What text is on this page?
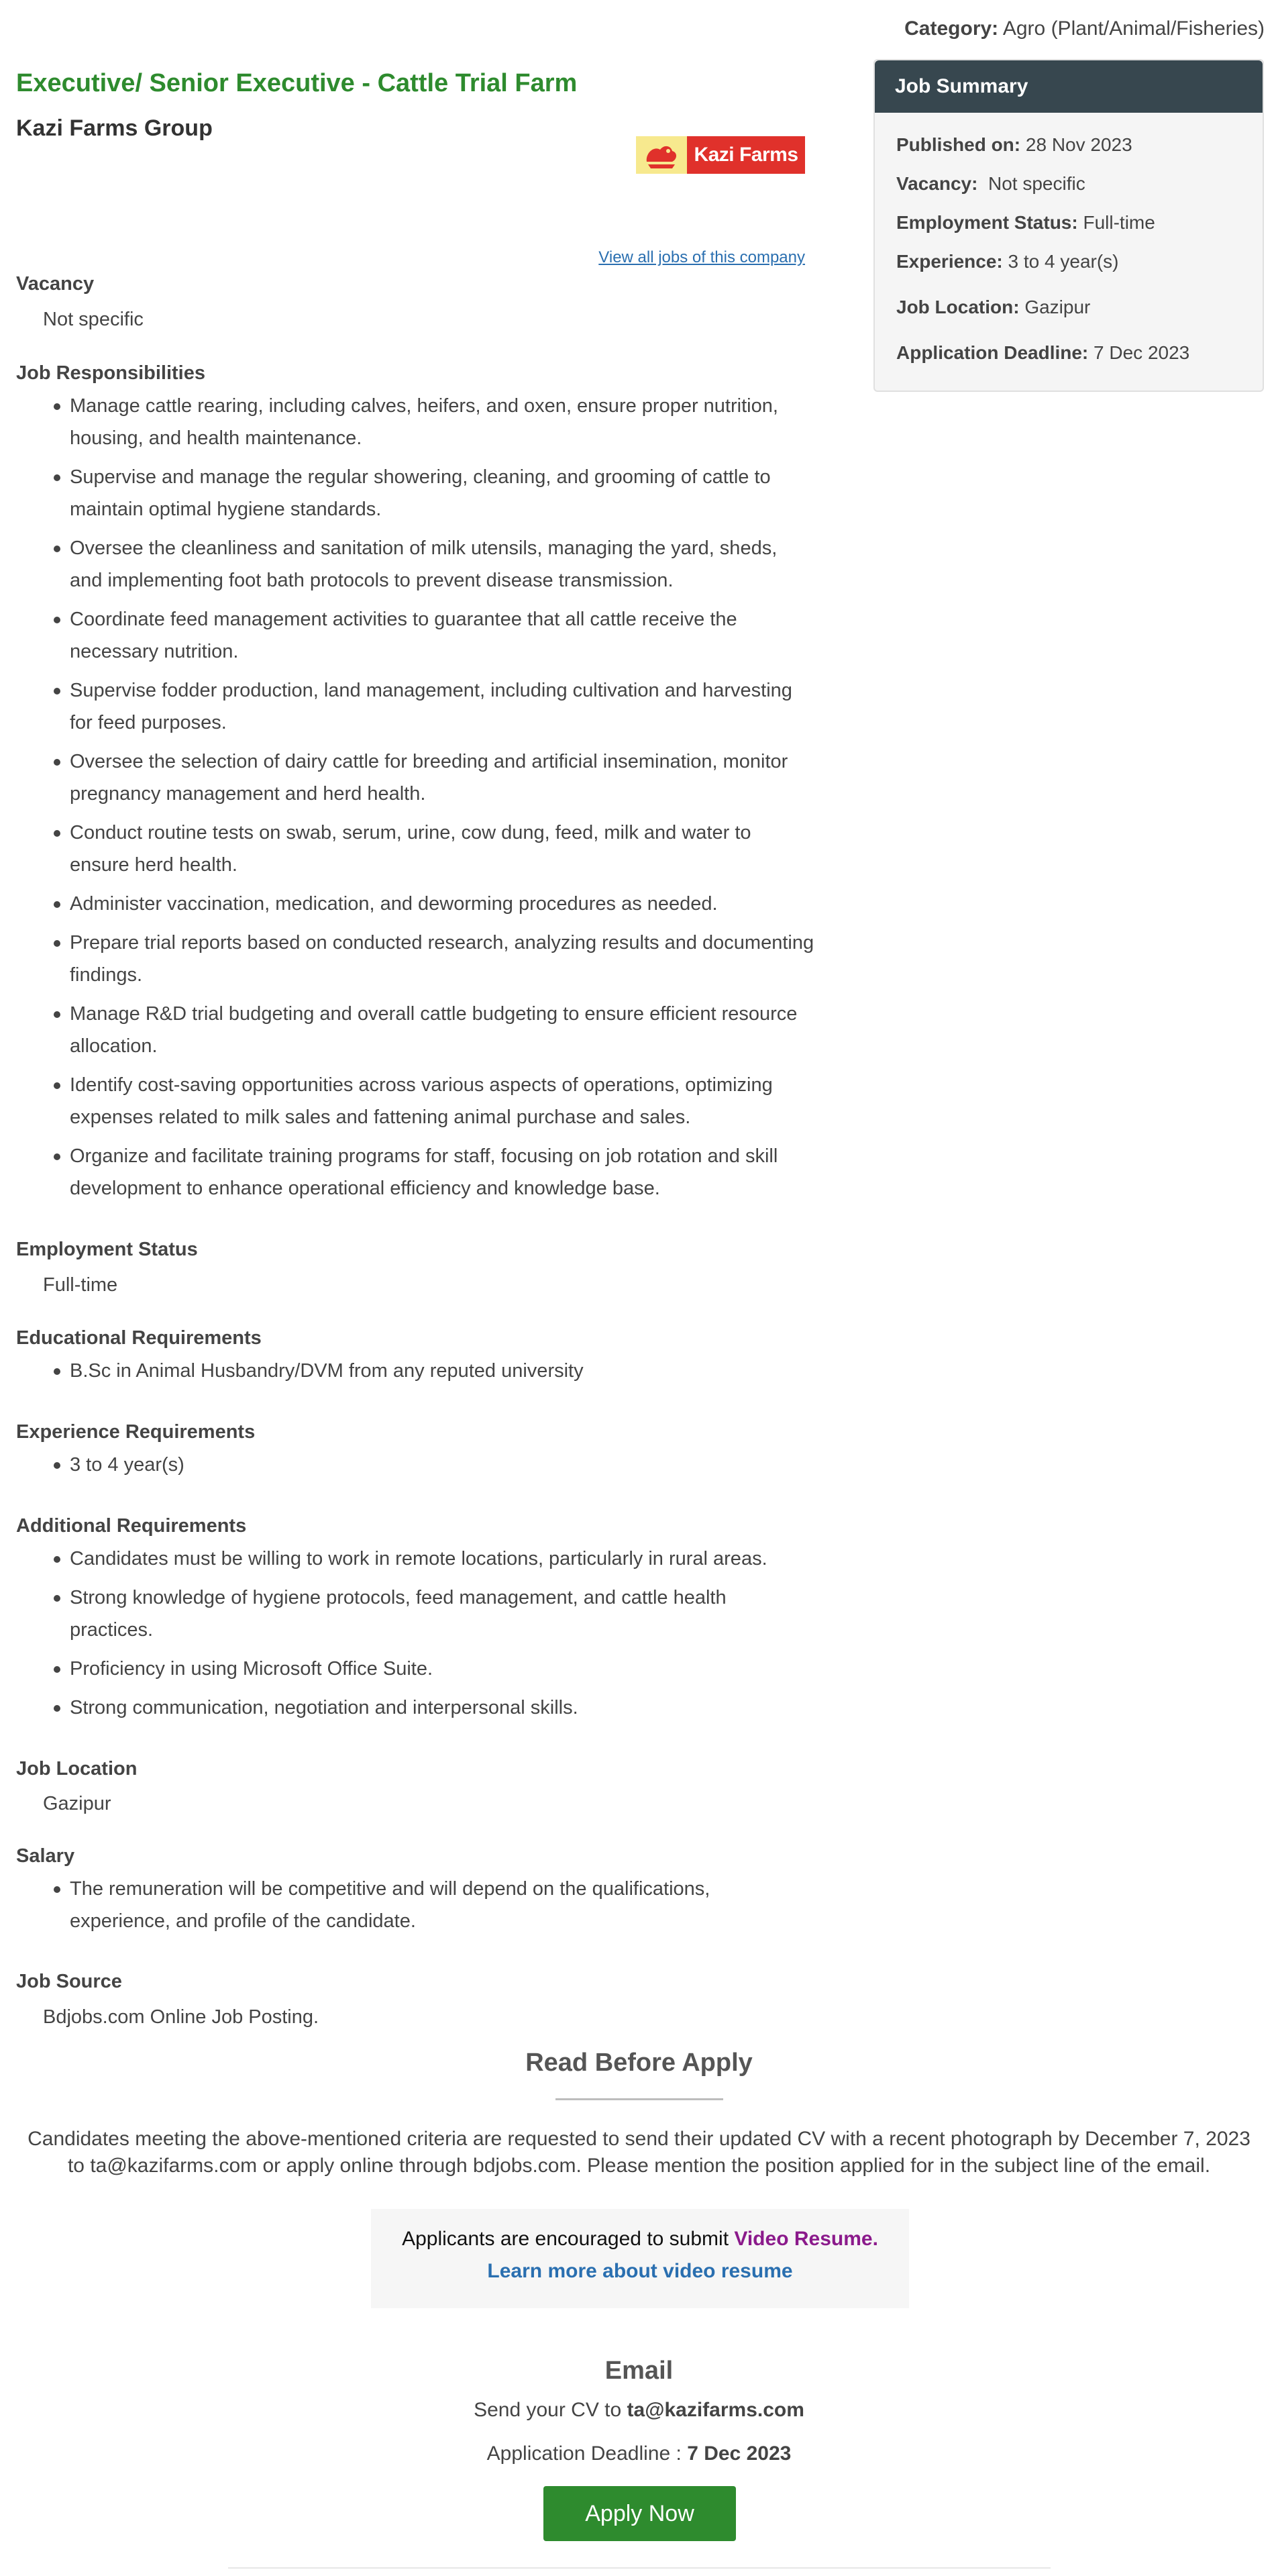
Category: Agro (Plant/Animal/Fisheries)
Executive/ Senior Executive - Cattle Trial Farm
Kazi Farms Group
Kazi Farms
View all jobs of this company
Vacancy
Not specific
Job Responsibilities
Manage cattle rearing, including calves, heifers, and oxen, ensure proper nutrition, housing, and health maintenance.
Supervise and manage the regular showering, cleaning, and grooming of cattle to maintain optimal hygiene standards.
Oversee the cleanliness and sanitation of milk utensils, managing the yard, sheds, and implementing foot bath protocols to prevent disease transmission.
Coordinate feed management activities to guarantee that all cattle receive the necessary nutrition.
Supervise fodder production, land management, including cultivation and harvesting for feed purposes.
Oversee the selection of dairy cattle for breeding and artificial insemination, monitor pregnancy management and herd health.
Conduct routine tests on swab, serum, urine, cow dung, feed, milk and water to ensure herd health.
Administer vaccination, medication, and deworming procedures as needed.
Prepare trial reports based on conducted research, analyzing results and documenting findings.
Manage R&D trial budgeting and overall cattle budgeting to ensure efficient resource allocation.
Identify cost-saving opportunities across various aspects of operations, optimizing expenses related to milk sales and fattening animal purchase and sales.
Organize and facilitate training programs for staff, focusing on job rotation and skill development to enhance operational efficiency and knowledge base.
Employment Status
Full-time
Educational Requirements
B.Sc in Animal Husbandry/DVM from any reputed university
Experience Requirements
3 to 4 year(s)
Additional Requirements
Candidates must be willing to work in remote locations, particularly in rural areas.
Strong knowledge of hygiene protocols, feed management, and cattle health practices.
Proficiency in using Microsoft Office Suite.
Strong communication, negotiation and interpersonal skills.
Job Location
Gazipur
Salary
The remuneration will be competitive and will depend on the qualifications, experience, and profile of the candidate.
Job Source
Bdjobs.com Online Job Posting.
Job Summary
Published on: 28 Nov 2023
Vacancy: Not specific
Employment Status: Full-time
Experience: 3 to 4 year(s)
Job Location: Gazipur
Application Deadline: 7 Dec 2023
Read Before Apply
Candidates meeting the above-mentioned criteria are requested to send their updated CV with a recent photograph by December 7, 2023
to ta@kazifarms.com or apply online through bdjobs.com. Please mention the position applied for in the subject line of the email.
Applicants are encouraged to submit Video Resume.
Learn more about video resume
Email
Send your CV to ta@kazifarms.com
Application Deadline : 7 Dec 2023
Apply Now
